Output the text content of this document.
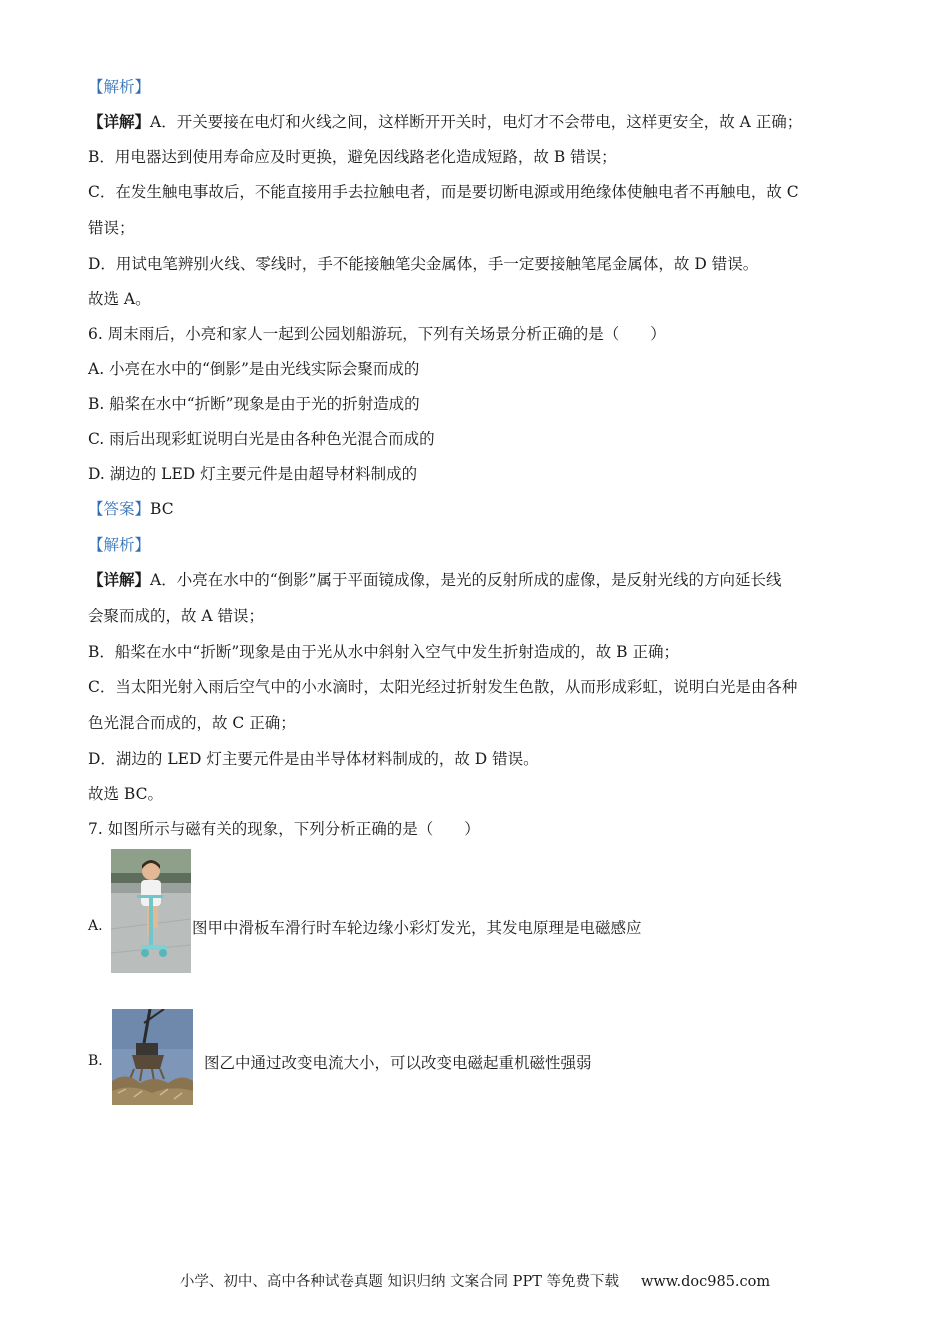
【解析】
【详解】A．开关要接在电灯和火线之间，这样断开开关时，电灯才不会带电，这样更安全，故 A 正确；
B．用电器达到使用寿命应及时更换，避免因线路老化造成短路，故 B 错误；
C．在发生触电事故后，不能直接用手去拉触电者，而是要切断电源或用绝缘体使触电者不再触电，故 C
错误；
D．用试电笔辨别火线、零线时，手不能接触笔尖金属体，手一定要接触笔尾金属体，故 D 错误。
故选 A。
6. 周末雨后，小亮和家人一起到公园划船游玩，下列有关场景分析正确的是（　　）
A. 小亮在水中的“倒影”是由光线实际会聚而成的
B. 船桨在水中“折断”现象是由于光的折射造成的
C. 雨后出现彩虹说明白光是由各种色光混合而成的
D. 湖边的 LED 灯主要元件是由超导材料制成的
【答案】BC
【解析】
【详解】A．小亮在水中的“倒影”属于平面镜成像，是光的反射所成的虚像，是反射光线的方向延长线
会聚而成的，故 A 错误；
B．船桨在水中“折断”现象是由于光从水中斜射入空气中发生折射造成的，故 B 正确；
C．当太阳光射入雨后空气中的小水滴时，太阳光经过折射发生色散，从而形成彩虹，说明白光是由各种
色光混合而成的，故 C 正确；
D．湖边的 LED 灯主要元件是由半导体材料制成的，故 D 错误。
故选 BC。
7. 如图所示与磁有关的现象，下列分析正确的是（　　）
A.	图甲中滑板车滑行时车轮边缘小彩灯发光，其发电原理是电磁感应
B.	图乙中通过改变电流大小，可以改变电磁起重机磁性强弱
小学、初中、高中各种试卷真题 知识归纳 文案合同 PPT 等免费下载 www.doc985.com
